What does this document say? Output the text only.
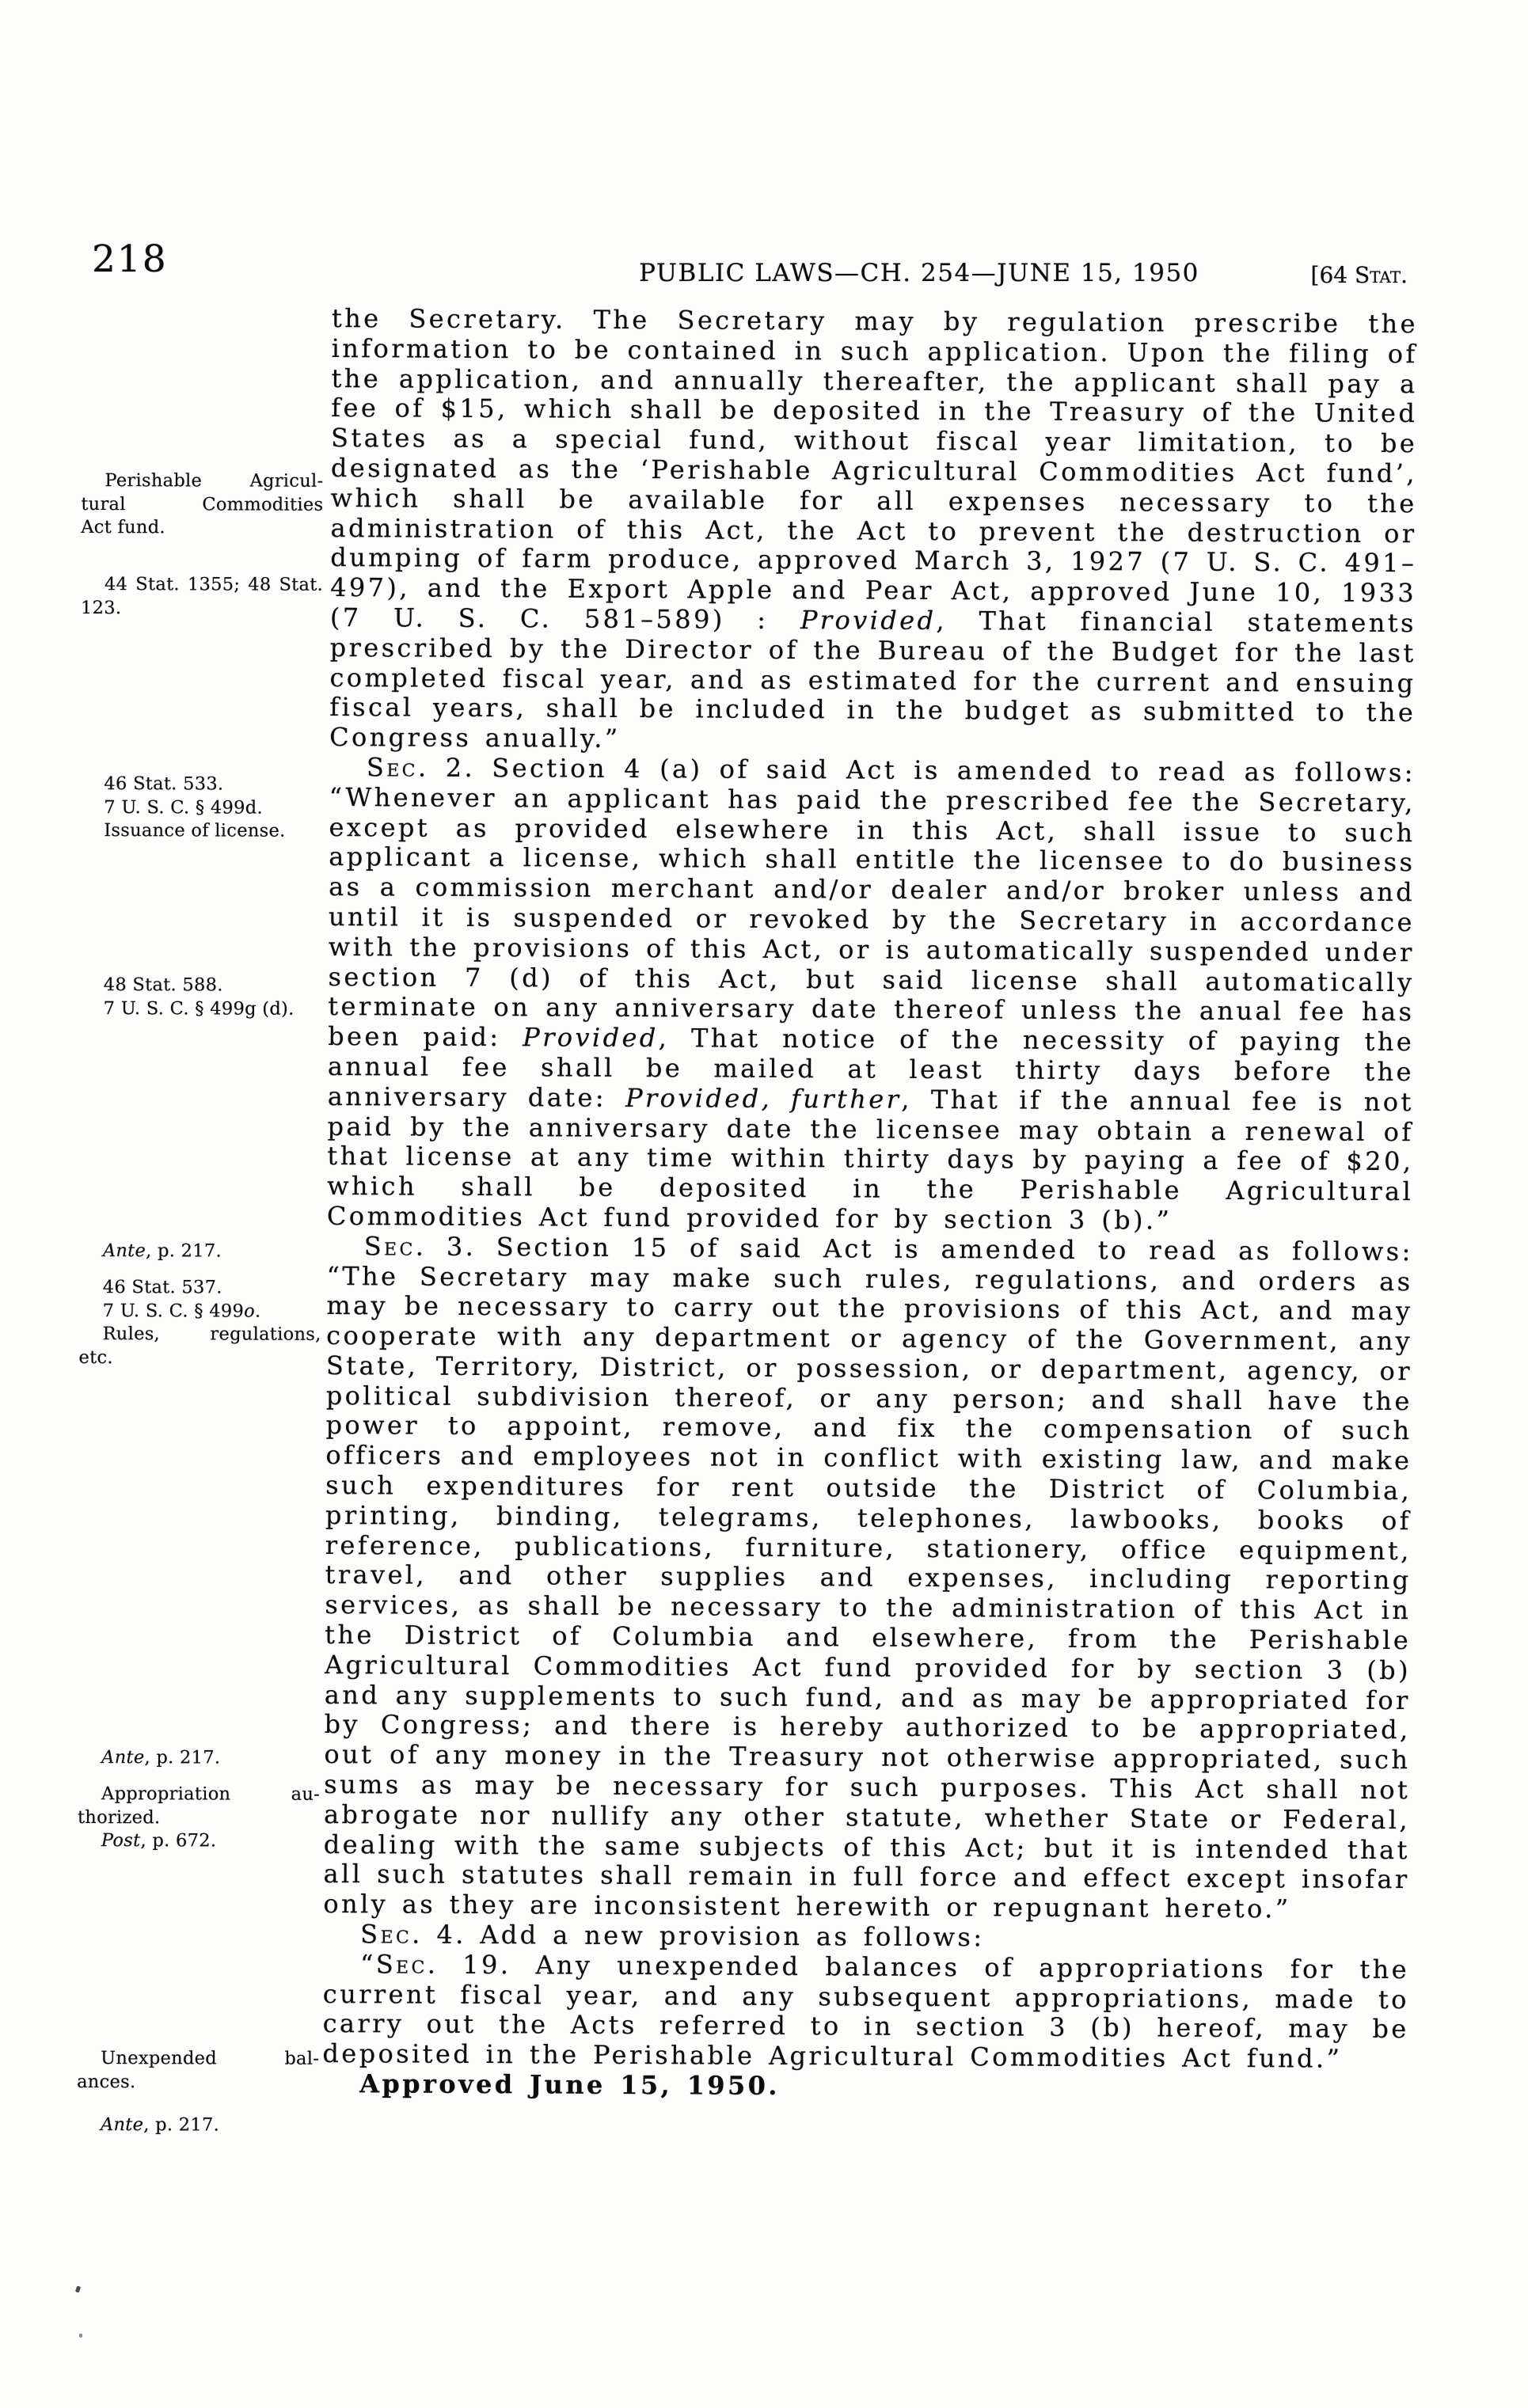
218	PUBLIC LAWS—CH. 254—JUNE 15, 1950	[64 Stat.
Perishable Agricul-
tural Commodities
Act fund.
44 Stat. 1355; 48 Stat.
123.
46 Stat. 533.
7 U. S. C. § 499d.
Issuance of license.
48 Stat. 588.
7 U. S. C. § 499g (d).
Ante, p. 217.
46 Stat. 537.
7 U. S. C. § 499o.
Rules, regulations,
etc.
Ante, p. 217.
Appropriation au-
thorized.
Post, p. 672.
Unexpended bal-
ances.
Ante, p. 217.

the Secretary. The Secretary may by regulation prescribe the information to be contained in such application. Upon the filing of the application, and annually thereafter, the applicant shall pay a fee of $15, which shall be deposited in the Treasury of the United States as a special fund, without fiscal year limitation, to be designated as the ‘Perishable Agricultural Commodities Act fund’, which shall be available for all expenses necessary to the administration of this Act, the Act to prevent the destruction or dumping of farm produce, approved March 3, 1927 (7 U. S. C. 491–497), and the Export Apple and Pear Act, approved June 10, 1933 (7 U. S. C. 581–589) : Provided, That financial statements prescribed by the Director of the Bureau of the Budget for the last completed fiscal year, and as estimated for the current and ensuing fiscal years, shall be included in the budget as submitted to the Congress anually.”

Sec. 2. Section 4 (a) of said Act is amended to read as follows: “Whenever an applicant has paid the prescribed fee the Secretary, except as provided elsewhere in this Act, shall issue to such applicant a license, which shall entitle the licensee to do business as a commission merchant and/or dealer and/or broker unless and until it is suspended or revoked by the Secretary in accordance with the provisions of this Act, or is automatically suspended under section 7 (d) of this Act, but said license shall automatically terminate on any anniversary date thereof unless the anual fee has been paid: Provided, That notice of the necessity of paying the annual fee shall be mailed at least thirty days before the anniversary date: Provided, further, That if the annual fee is not paid by the anniversary date the licensee may obtain a renewal of that license at any time within thirty days by paying a fee of $20, which shall be deposited in the Perishable Agricultural Commodities Act fund provided for by section 3 (b).”

Sec. 3. Section 15 of said Act is amended to read as follows: “The Secretary may make such rules, regulations, and orders as may be necessary to carry out the provisions of this Act, and may cooperate with any department or agency of the Government, any State, Territory, District, or possession, or department, agency, or political subdivision thereof, or any person; and shall have the power to appoint, remove, and fix the compensation of such officers and employees not in conflict with existing law, and make such expenditures for rent outside the District of Columbia, printing, binding, telegrams, telephones, lawbooks, books of reference, publications, furniture, stationery, office equipment, travel, and other supplies and expenses, including reporting services, as shall be necessary to the administration of this Act in the District of Columbia and elsewhere, from the Perishable Agricultural Commodities Act fund provided for by section 3 (b) and any supplements to such fund, and as may be appropriated for by Congress; and there is hereby authorized to be appropriated, out of any money in the Treasury not otherwise appropriated, such sums as may be necessary for such purposes. This Act shall not abrogate nor nullify any other statute, whether State or Federal, dealing with the same subjects of this Act; but it is intended that all such statutes shall remain in full force and effect except insofar only as they are inconsistent herewith or repugnant hereto.”

Sec. 4. Add a new provision as follows:

“Sec. 19. Any unexpended balances of appropriations for the current fiscal year, and any subsequent appropriations, made to carry out the Acts referred to in section 3 (b) hereof, may be deposited in the Perishable Agricultural Commodities Act fund.”

Approved June 15, 1950.
